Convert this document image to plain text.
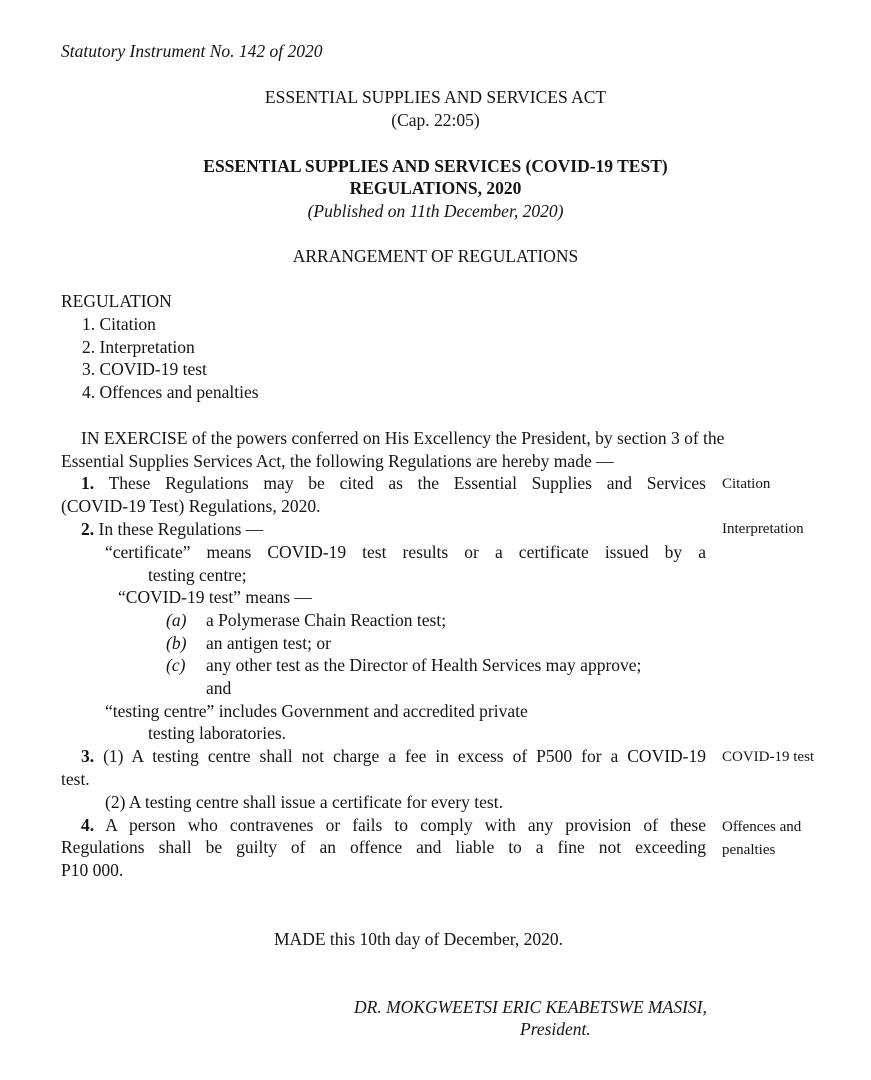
Statutory Instrument No. 142 of 2020
ESSENTIAL SUPPLIES AND SERVICES ACT
(Cap. 22:05)
ESSENTIAL SUPPLIES AND SERVICES (COVID-19 TEST)
REGULATIONS, 2020
(Published on 11th December, 2020)
ARRANGEMENT OF REGULATIONS
REGULATION
1. Citation
2. Interpretation
3. COVID-19 test
4. Offences and penalties
IN EXERCISE of the powers conferred on His Excellency the President, by section 3 of the
Essential Supplies Services Act, the following Regulations are hereby made —
1. These Regulations may be cited as the Essential Supplies and Services
(COVID-19 Test) Regulations, 2020.
Citation
2. In these Regulations —	Interpretation
“certificate” means COVID-19 test results or a certificate issued by a
testing centre;
“COVID-19 test” means —
(a) a Polymerase Chain Reaction test;
(b) an antigen test; or
(c) any other test as the Director of Health Services may approve;
and
“testing centre” includes Government and accredited private
testing laboratories.
3. (1) A testing centre shall not charge a fee in excess of P500 for a COVID-19
test.
(2) A testing centre shall issue a certificate for every test.
COVID-19 test
4. A person who contravenes or fails to comply with any provision of these
Regulations shall be guilty of an offence and liable to a fine not exceeding
P10 000.
Offences and
penalties
MADE this 10th day of December, 2020.
DR. MOKGWEETSI ERIC KEABETSWE MASISI,
President.
